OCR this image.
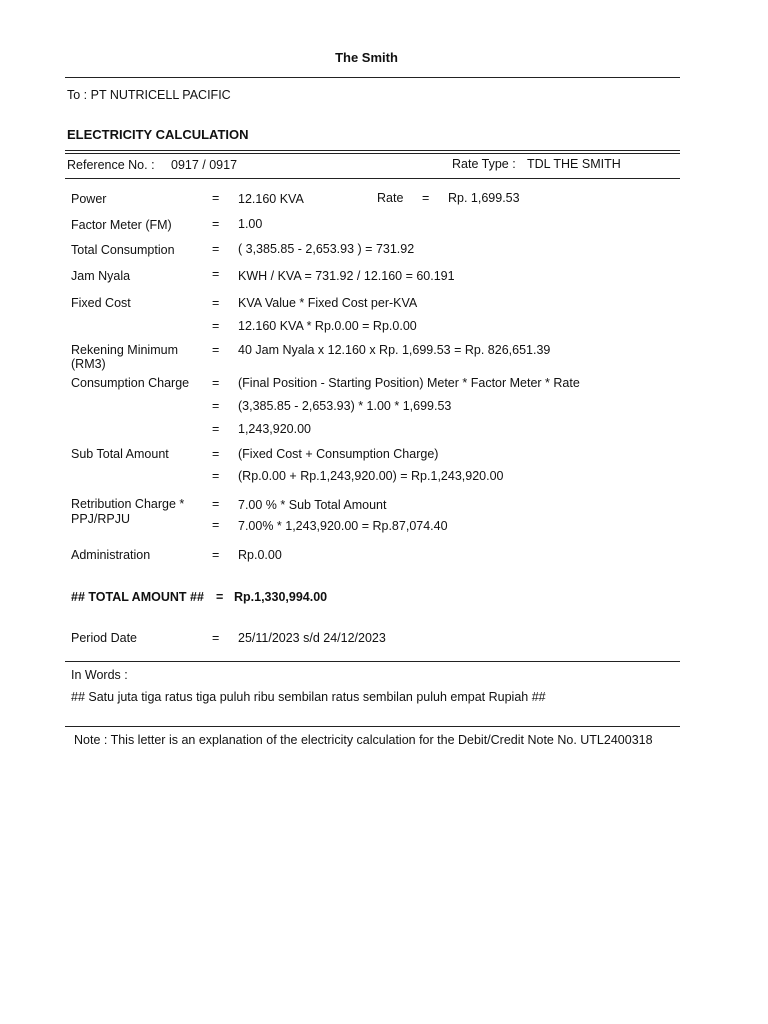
The Smith
To : PT NUTRICELL PACIFIC
ELECTRICITY CALCULATION
Reference No. : 0917 / 0917	Rate Type : TDL THE SMITH
Power	= 12.160 KVA	Rate = Rp. 1,699.53
Factor Meter (FM)	= 1.00
Total Consumption	= ( 3,385.85 - 2,653.93 ) = 731.92
Jam Nyala	= KWH / KVA = 731.92 / 12.160 = 60.191
Fixed Cost	= KVA Value * Fixed Cost per-KVA
= 12.160 KVA * Rp.0.00 = Rp.0.00
Rekening Minimum
(RM3)
= 40 Jam Nyala x 12.160 x Rp. 1,699.53 = Rp. 826,651.39
Consumption Charge = (Final Position - Starting Position) Meter * Factor Meter * Rate
= (3,385.85 - 2,653.93) * 1.00 * 1,699.53
= 1,243,920.00
Sub Total Amount	= (Fixed Cost + Consumption Charge)
= (Rp.0.00 + Rp.1,243,920.00) = Rp.1,243,920.00
Retribution Charge *
PPJ/RPJU
= 7.00 % * Sub Total Amount
= 7.00% * 1,243,920.00 = Rp.87,074.40
Administration	= Rp.0.00
## TOTAL AMOUNT ## = Rp.1,330,994.00
Period Date	= 25/11/2023 s/d 24/12/2023
In Words :
## Satu juta tiga ratus tiga puluh ribu sembilan ratus sembilan puluh empat Rupiah ##
Note : This letter is an explanation of the electricity calculation for the Debit/Credit Note No. UTL2400318
